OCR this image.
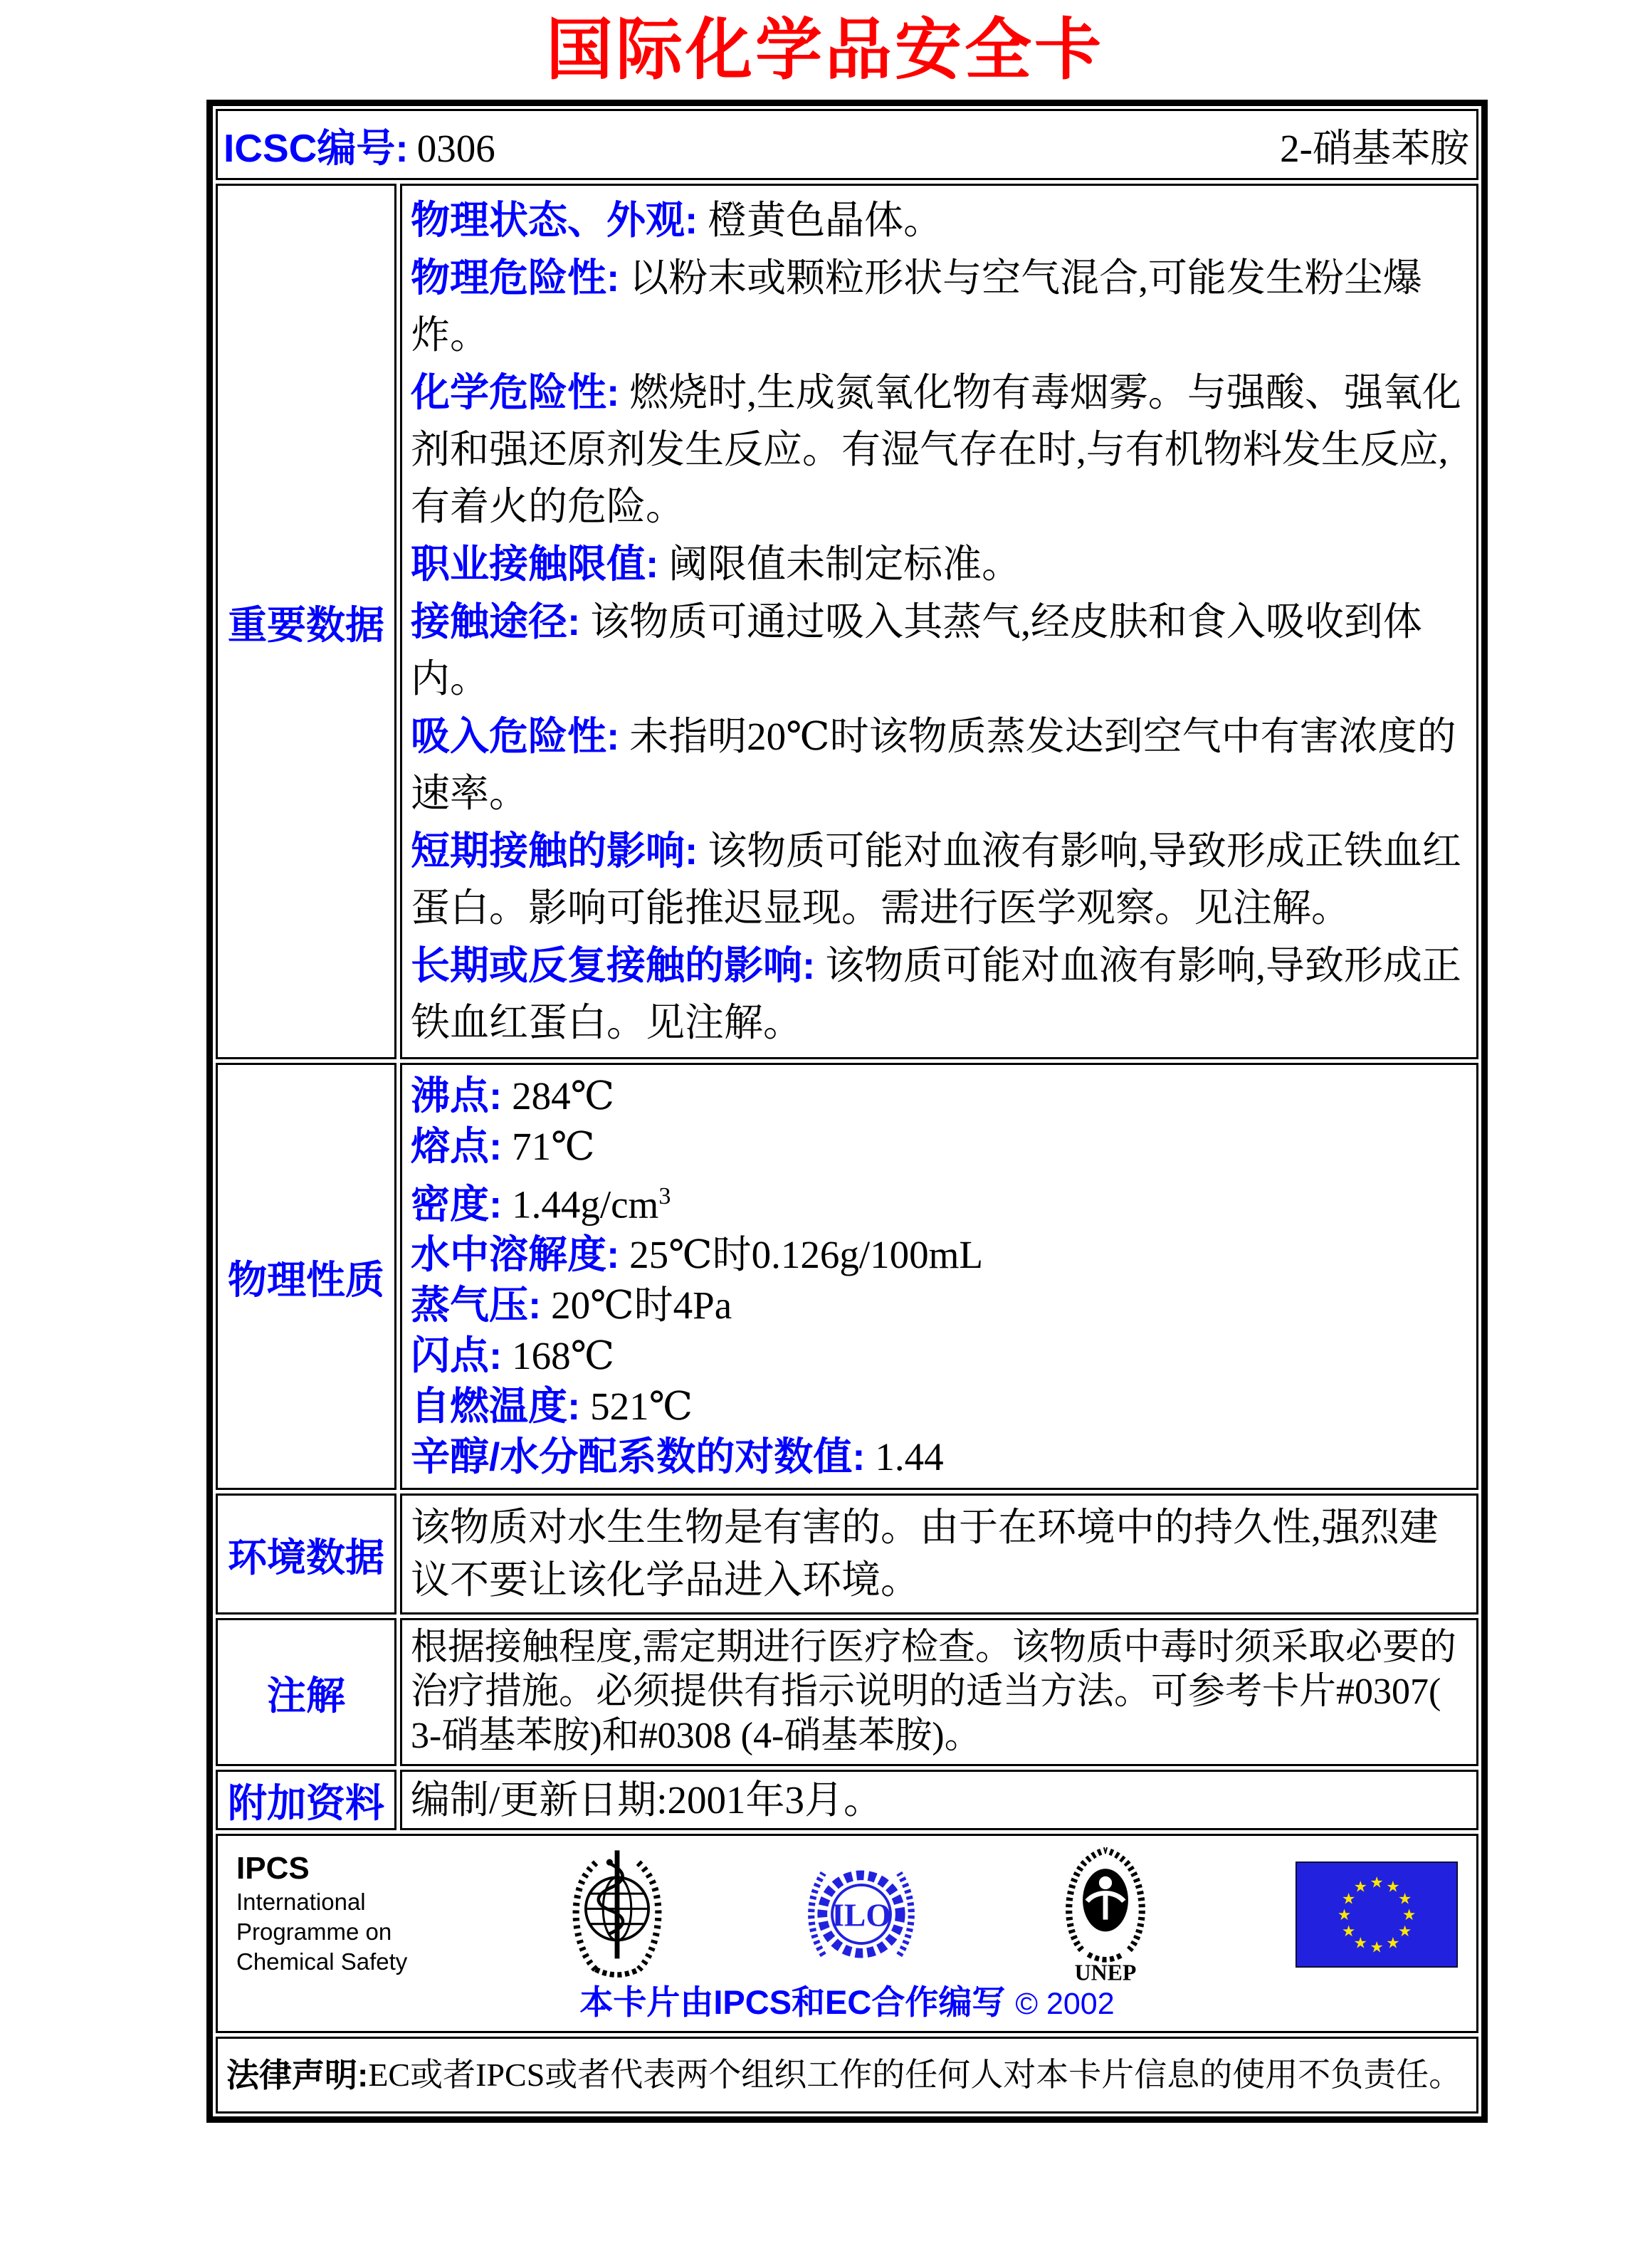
国际化学品安全卡
ICSC编号: 0306	2-硝基苯胺
重要数据
物理状态、外观: 橙黄色晶体。
物理危险性: 以粉末或颗粒形状与空气混合,可能发生粉尘爆炸。
化学危险性: 燃烧时,生成氮氧化物有毒烟雾。与强酸、强氧化剂和强还原剂发生反应。有湿气存在时,与有机物料发生反应,有着火的危险。
职业接触限值: 阈限值未制定标准。
接触途径: 该物质可通过吸入其蒸气,经皮肤和食入吸收到体内。
吸入危险性: 未指明20℃时该物质蒸发达到空气中有害浓度的速率。
短期接触的影响: 该物质可能对血液有影响,导致形成正铁血红蛋白。影响可能推迟显现。需进行医学观察。见注解。
长期或反复接触的影响: 该物质可能对血液有影响,导致形成正铁血红蛋白。见注解。
物理性质
沸点: 284℃
熔点: 71℃
密度: $1.44g/cm^3$
水中溶解度: 25℃时0.126g/100mL
蒸气压: 20℃时4Pa
闪点: 168℃
自燃温度: 521℃
辛醇/水分配系数的对数值: 1.44
环境数据
该物质对水生生物是有害的。由于在环境中的持久性,强烈建议不要让该化学品进入环境。
注解
根据接触程度,需定期进行医疗检查。该物质中毒时须采取必要的治疗措施。必须提供有指示说明的适当方法。可参考卡片#0307( 3-硝基苯胺)和#0308 (4-硝基苯胺)。
附加资料 编制/更新日期:2001年3月。
IPCS
International
Programme on
Chemical Safety
ILO
UNEP
★ ★
★
★
★
★
★
★
★
★
★
★
本卡片由IPCS和EC合作编写 © 2002
法律声明: EC或者IPCS或者代表两个组织工作的任何人对本卡片信息的使用不负责任。
